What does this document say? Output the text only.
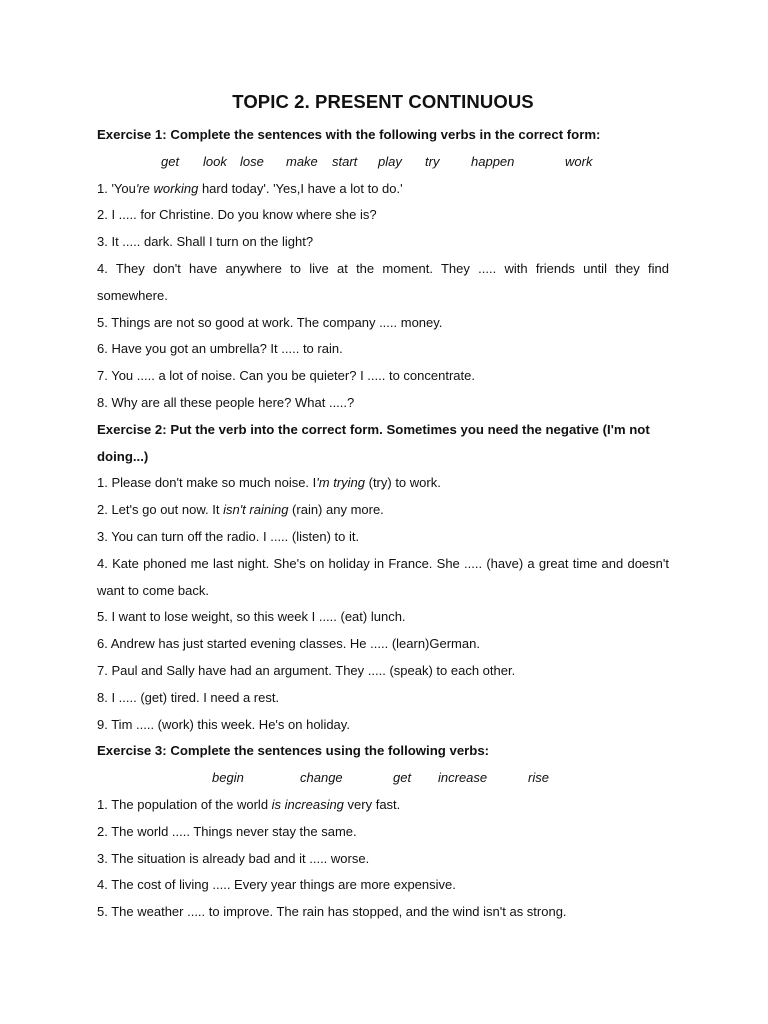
TOPIC 2. PRESENT CONTINUOUS
Exercise 1: Complete the sentences with the following verbs in the correct form:
get look lose make start play try happen	work
1. 'You're working hard today'. 'Yes,I have a lot to do.'
2. I ..... for Christine. Do you know where she is?
3. It ..... dark. Shall I turn on the light?
4. They don't have anywhere to live at the moment. They ..... with friends until they find somewhere.
5. Things are not so good at work. The company ..... money.
6. Have you got an umbrella? It ..... to rain.
7. You ..... a lot of noise. Can you be quieter? I ..... to concentrate.
8. Why are all these people here? What .....?
Exercise 2: Put the verb into the correct form. Sometimes you need the negative (I'm not doing...)
1. Please don't make so much noise. I'm trying (try) to work.
2. Let's go out now. It isn't raining (rain) any more.
3. You can turn off the radio. I ..... (listen) to it.
4. Kate phoned me last night. She's on holiday in France. She ..... (have) a great time and doesn't want to come back.
5. I want to lose weight, so this week I ..... (eat) lunch.
6. Andrew has just started evening classes. He ..... (learn)German.
7. Paul and Sally have had an argument. They ..... (speak) to each other.
8. I ..... (get) tired. I need a rest.
9. Tim ..... (work) this week. He's on holiday.
Exercise 3: Complete the sentences using the following verbs:
begin	change	get increase	rise
1. The population of the world is increasing very fast.
2. The world ..... Things never stay the same.
3. The situation is already bad and it ..... worse.
4. The cost of living ..... Every year things are more expensive.
5. The weather ..... to improve. The rain has stopped, and the wind isn't as strong.
